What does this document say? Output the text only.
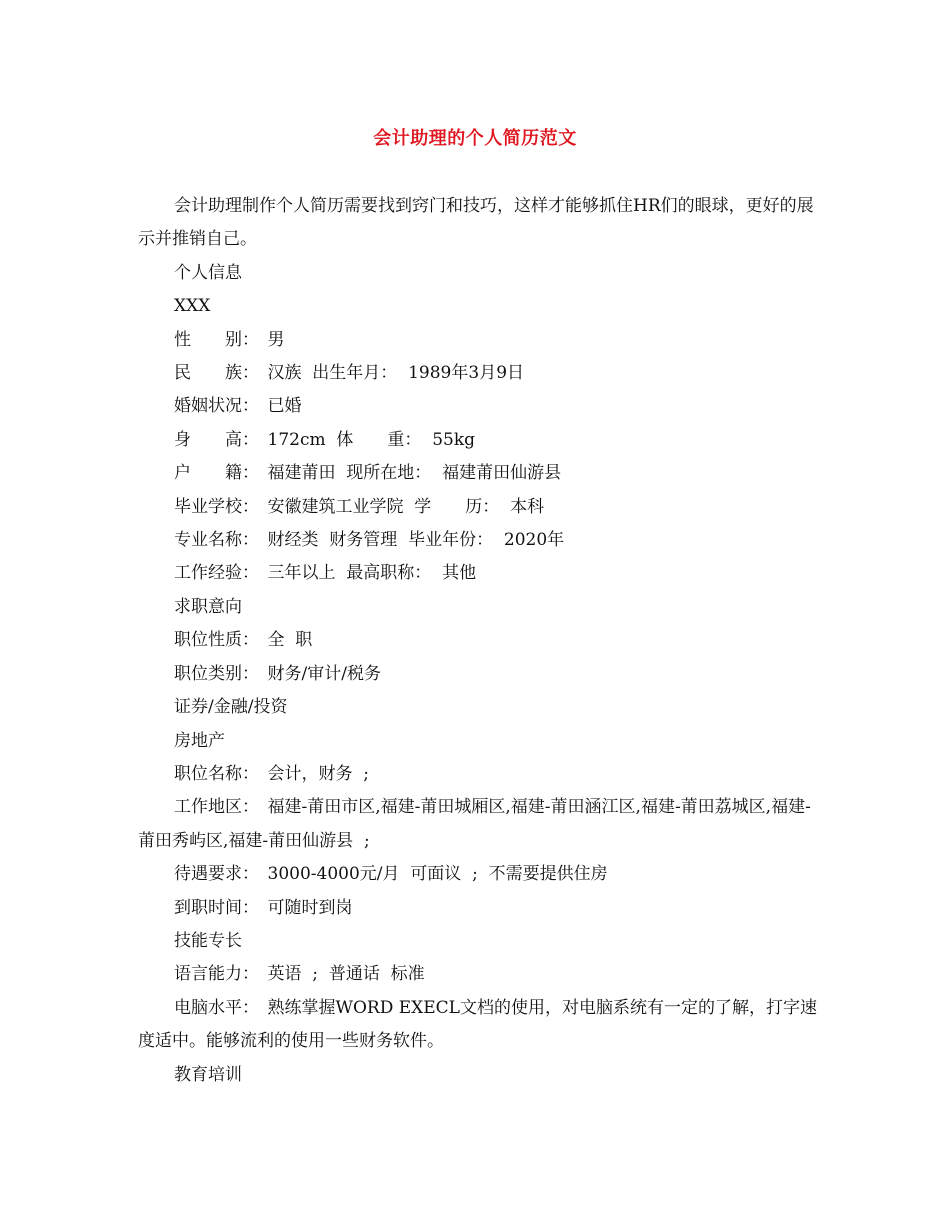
会计助理的个人简历范文

会计助理制作个人简历需要找到窍门和技巧，这样才能够抓住HR们的眼球，更好的展示并推销自己。

个人信息
XXX
性　　别：　男
民　　族：　汉族  出生年月：  1989年3月9日
婚姻状况：　已婚
身　　高：　172cm  体　　重：  55kg
户　　籍：　福建莆田  现所在地：  福建莆田仙游县
毕业学校：　安徽建筑工业学院  学　　历：  本科
专业名称：　财经类  财务管理  毕业年份：  2020年
工作经验：　三年以上  最高职称：  其他
求职意向
职位性质：　全  职
职位类别：　财务/审计/税务
证券/金融/投资
房地产
职位名称：　会计，财务  ;

工作地区：　福建-莆田市区,福建-莆田城厢区,福建-莆田涵江区,福建-莆田荔城区,福建-莆田秀屿区,福建-莆田仙游县  ;

待遇要求：　3000-4000元/月  可面议  ;  不需要提供住房
到职时间：　可随时到岗
技能专长
语言能力：　英语  ;  普通话  标准

电脑水平：　熟练掌握WORD EXECL文档的使用，对电脑系统有一定的了解，打字速度适中。能够流利的使用一些财务软件。

教育培训
